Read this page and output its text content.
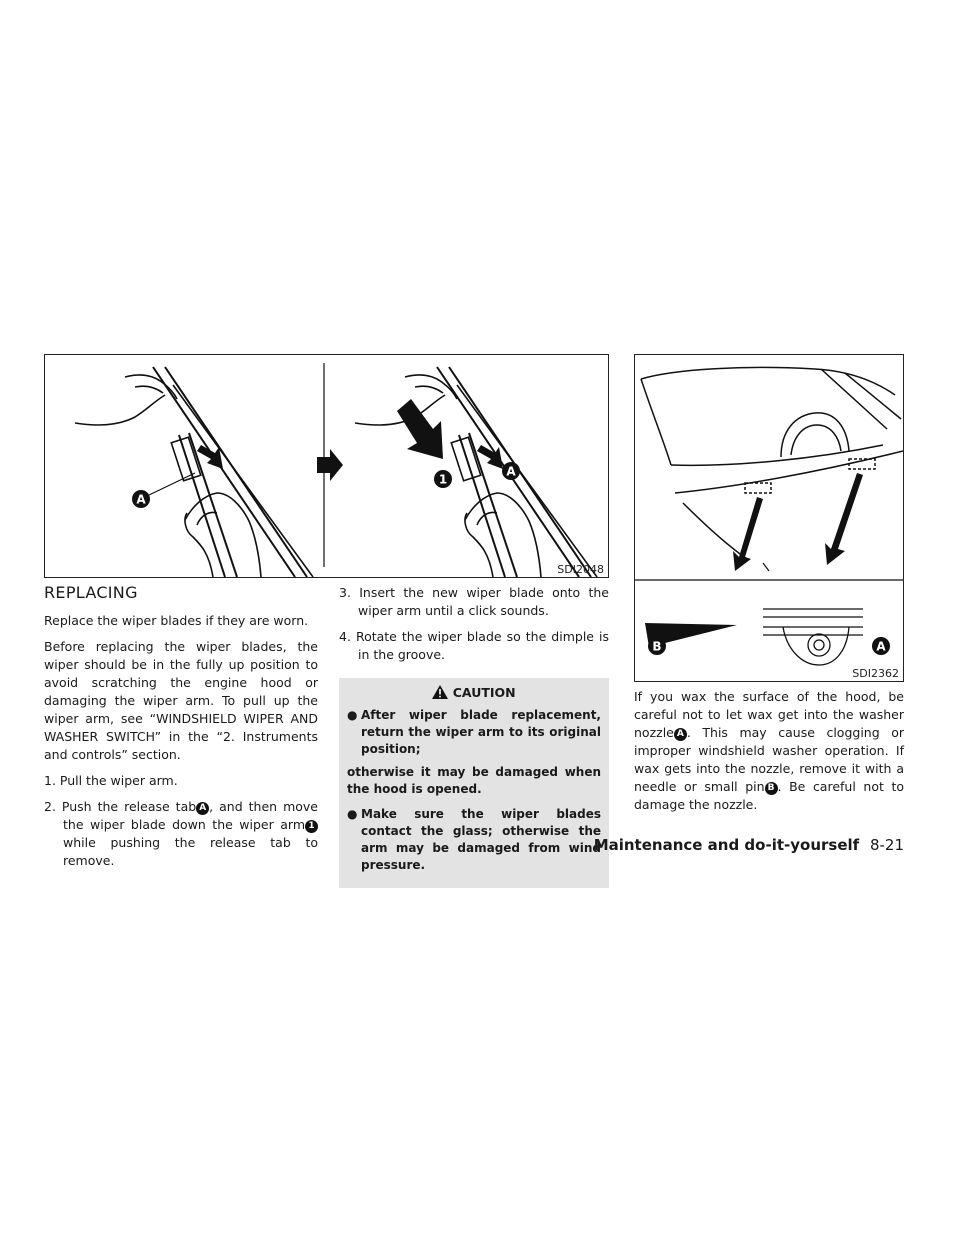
A
1
A
SDI2048
B	A
SDI2362
REPLACING

Replace the wiper blades if they are worn.

Before replacing the wiper blades, the wiper should be in the fully up position to avoid scratching the engine hood or damaging the wiper arm. To pull up the wiper arm, see “WINDSHIELD WIPER AND WASHER SWITCH” in the “2. Instruments and controls” section.

1. Pull the wiper arm.

2. Push the release tab A , and then move the wiper blade down the wiper arm 1 while pushing the release tab to remove.

3. Insert the new wiper blade onto the wiper arm until a click sounds.

4. Rotate the wiper blade so the dimple is in the groove.

CAUTION
● After wiper blade replacement, return the wiper arm to its original position;

otherwise it may be damaged when the hood is opened.

● Make sure the wiper blades contact the glass; otherwise the arm may be damaged from wind pressure.

If you wax the surface of the hood, be careful not to let wax get into the washer nozzle A . This may cause clogging or improper windshield washer operation. If wax gets into the nozzle, remove it with a needle or small pin B . Be careful not to damage the nozzle.

Maintenance and do-it-yourself 8-21
